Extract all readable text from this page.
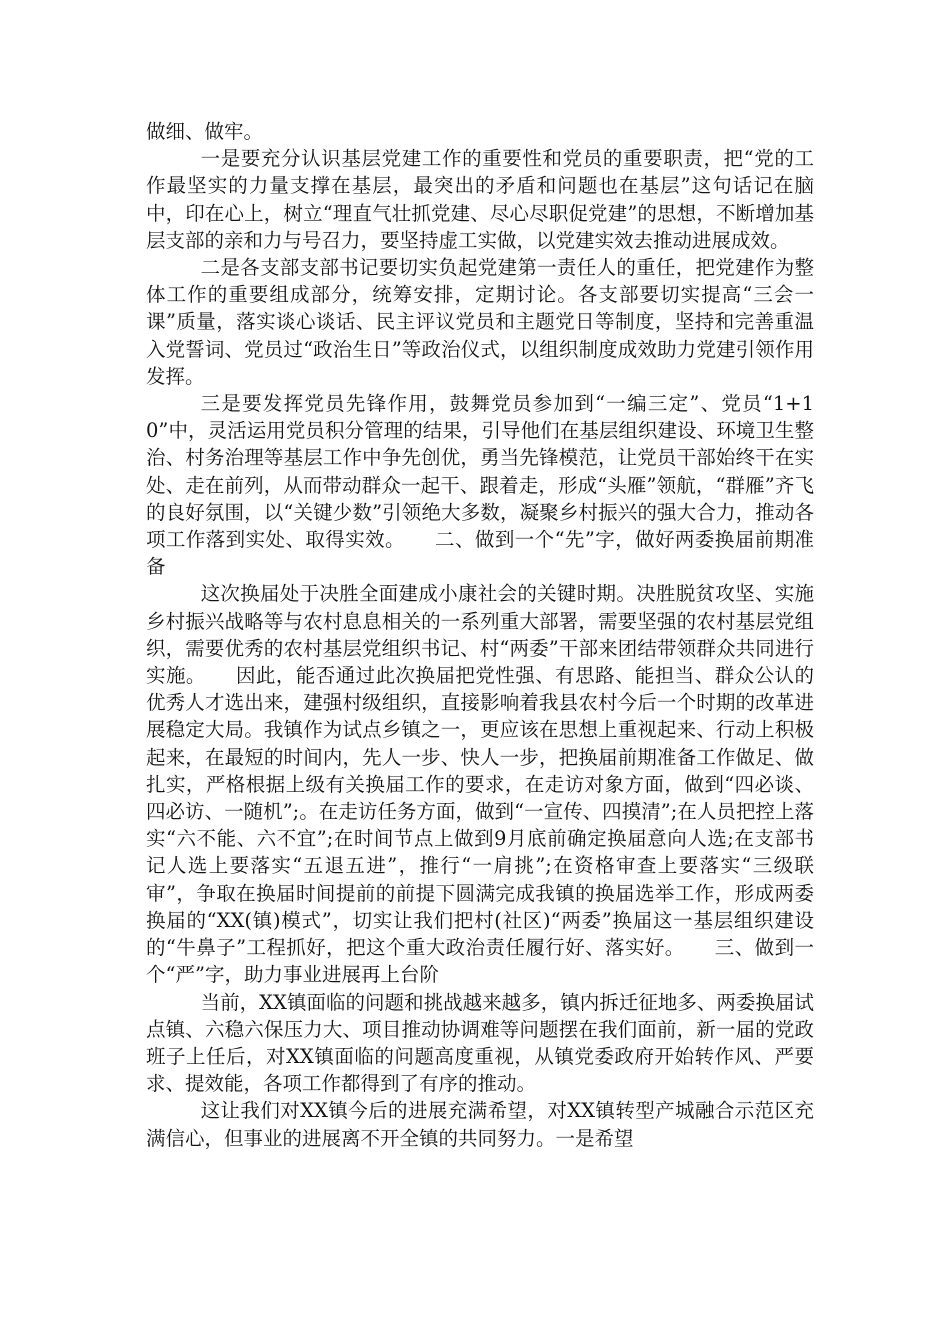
做细、做牢。

一是要充分认识基层党建工作的重要性和党员的重要职责，把“党的工作最坚实的力量支撑在基层，最突出的矛盾和问题也在基层”这句话记在脑中，印在心上，树立“理直气壮抓党建、尽心尽职促党建”的思想，不断增加基层支部的亲和力与号召力，要坚持虚工实做，以党建实效去推动进展成效。

二是各支部支部书记要切实负起党建第一责任人的重任，把党建作为整体工作的重要组成部分，统筹安排，定期讨论。各支部要切实提高“三会一课”质量，落实谈心谈话、民主评议党员和主题党日等制度，坚持和完善重温入党誓词、党员过“政治生日”等政治仪式，以组织制度成效助力党建引领作用发挥。

三是要发挥党员先锋作用，鼓舞党员参加到“一编三定”、党员“1+10”中，灵活运用党员积分管理的结果，引导他们在基层组织建设、环境卫生整治、村务治理等基层工作中争先创优，勇当先锋模范，让党员干部始终干在实处、走在前列，从而带动群众一起干、跟着走，形成“头雁”领航，“群雁”齐飞的良好氛围，以“关键少数”引领绝大多数，凝聚乡村振兴的强大合力，推动各项工作落到实处、取得实效。　　二、做到一个“先”字，做好两委换届前期准备

这次换届处于决胜全面建成小康社会的关键时期。决胜脱贫攻坚、实施乡村振兴战略等与农村息息相关的一系列重大部署，需要坚强的农村基层党组织，需要优秀的农村基层党组织书记、村“两委”干部来团结带领群众共同进行实施。　　因此，能否通过此次换届把党性强、有思路、能担当、群众公认的优秀人才选出来，建强村级组织，直接影响着我县农村今后一个时期的改革进展稳定大局。我镇作为试点乡镇之一，更应该在思想上重视起来、行动上积极起来，在最短的时间内，先人一步、快人一步，把换届前期准备工作做足、做扎实，严格根据上级有关换届工作的要求，在走访对象方面，做到“四必谈、四必访、一随机”;。在走访任务方面，做到“一宣传、四摸清”;在人员把控上落实“六不能、六不宜”;在时间节点上做到9月底前确定换届意向人选;在支部书记人选上要落实“五退五进”，推行“一肩挑”;在资格审查上要落实“三级联审”，争取在换届时间提前的前提下圆满完成我镇的换届选举工作，形成两委换届的“XX(镇)模式”，切实让我们把村(社区)“两委”换届这一基层组织建设的“牛鼻子”工程抓好，把这个重大政治责任履行好、落实好。　　三、做到一个“严”字，助力事业进展再上台阶

当前，XX镇面临的问题和挑战越来越多，镇内拆迁征地多、两委换届试点镇、六稳六保压力大、项目推动协调难等问题摆在我们面前，新一届的党政班子上任后，对XX镇面临的问题高度重视，从镇党委政府开始转作风、严要求、提效能，各项工作都得到了有序的推动。

这让我们对XX镇今后的进展充满希望，对XX镇转型产城融合示范区充满信心，但事业的进展离不开全镇的共同努力。一是希望
